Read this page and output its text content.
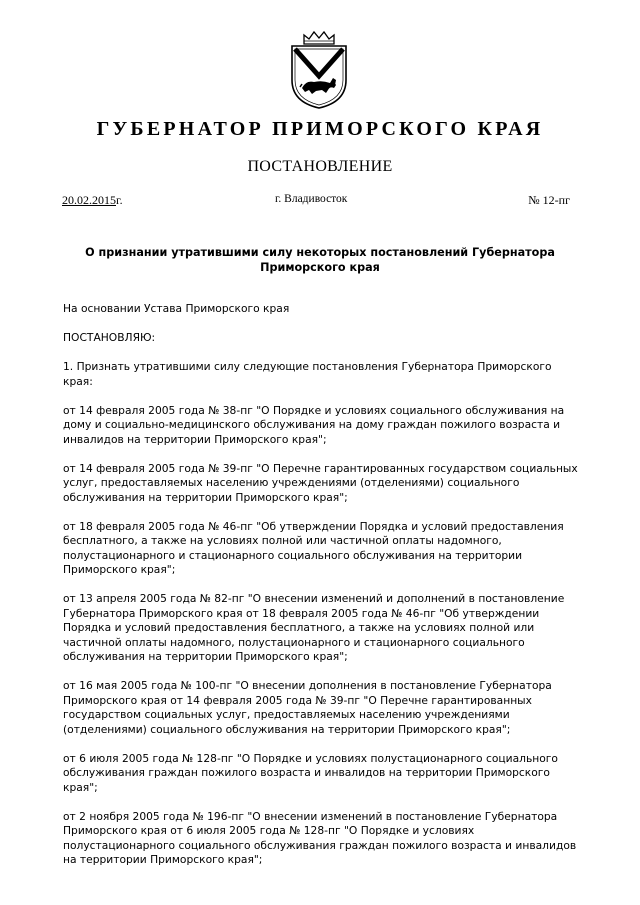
ГУБЕРНАТОР ПРИМОРСКОГО КРАЯ
ПОСТАНОВЛЕНИЕ
20.02.2015г.	г. Владивосток	№ 12-пг
О признании утратившими силу некоторых постановлений Губернатора Приморского края

На основании Устава Приморского края

ПОСТАНОВЛЯЮ:

1. Признать утратившими силу следующие постановления Губернатора Приморского края:

от 14 февраля 2005 года № 38-пг "О Порядке и условиях социального обслуживания на дому и социально-медицинского обслуживания на дому граждан пожилого возраста и инвалидов на территории Приморского края";

от 14 февраля 2005 года № 39-пг "О Перечне гарантированных государством социальных услуг, предоставляемых населению учреждениями (отделениями) социального обслуживания на территории Приморского края";

от 18 февраля 2005 года № 46-пг "Об утверждении Порядка и условий предоставления бесплатного, а также на условиях полной или частичной оплаты надомного, полустационарного и стационарного социального обслуживания на территории Приморского края";

от 13 апреля 2005 года № 82-пг "О внесении изменений и дополнений в постановление Губернатора Приморского края от 18 февраля 2005 года № 46-пг "Об утверждении Порядка и условий предоставления бесплатного, а также на условиях полной или частичной оплаты надомного, полустационарного и стационарного социального обслуживания на территории Приморского края";

от 16 мая 2005 года № 100-пг "О внесении дополнения в постановление Губернатора Приморского края от 14 февраля 2005 года № 39-пг "О Перечне гарантированных государством социальных услуг, предоставляемых населению учреждениями (отделениями) социального обслуживания на территории Приморского края";

от 6 июля 2005 года № 128-пг "О Порядке и условиях полустационарного социального обслуживания граждан пожилого возраста и инвалидов на территории Приморского края";

от 2 ноября 2005 года № 196-пг "О внесении изменений в постановление Губернатора Приморского края от 6 июля 2005 года № 128-пг "О Порядке и условиях полустационарного социального обслуживания граждан пожилого возраста и инвалидов на территории Приморского края";
